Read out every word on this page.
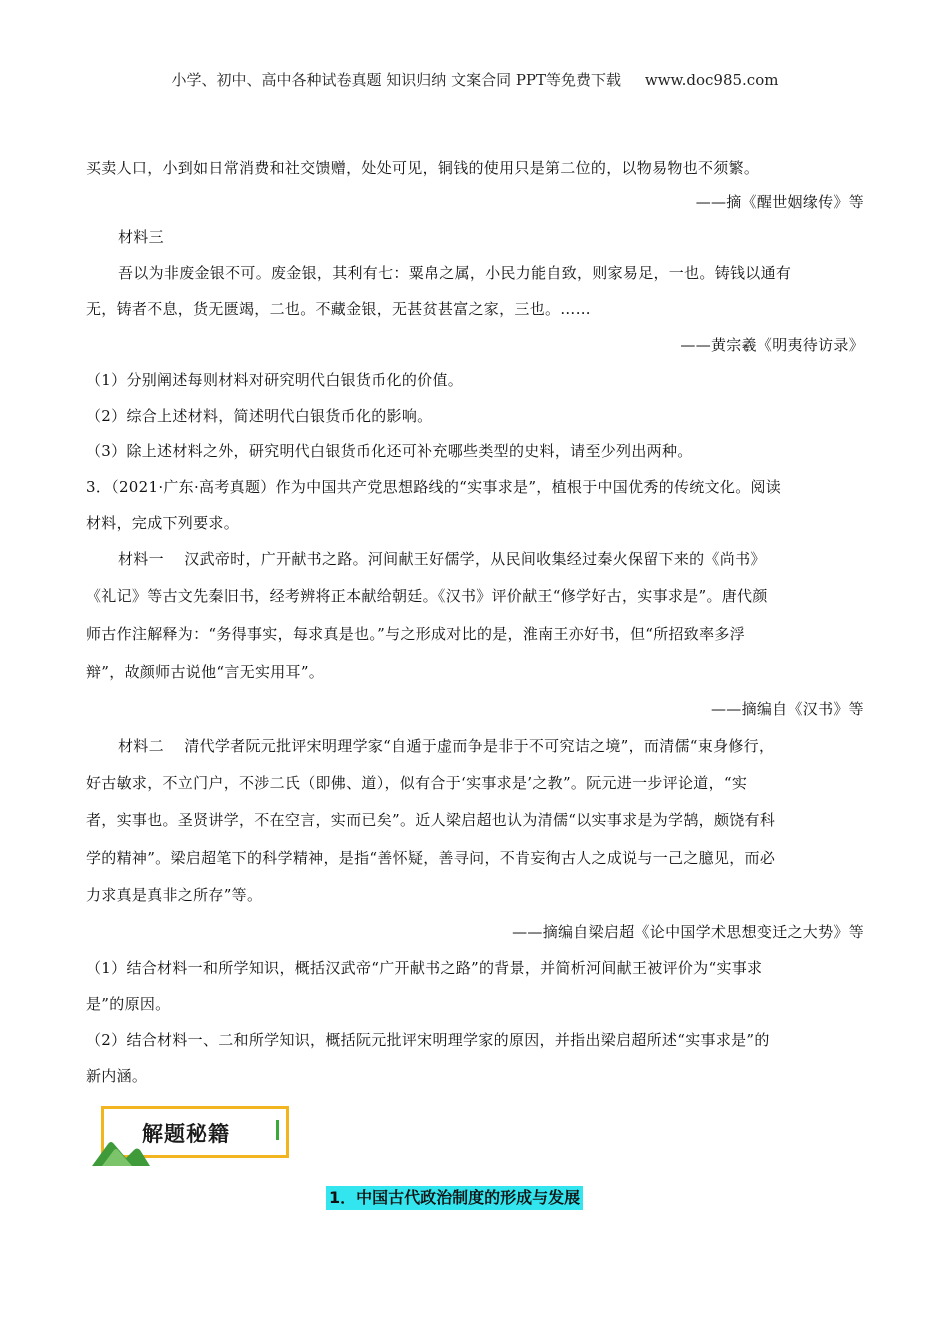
小学、初中、高中各种试卷真题 知识归纳 文案合同 PPT等免费下载     www.doc985.com
买卖人口，小到如日常消费和社交馈赠，处处可见，铜钱的使用只是第二位的，以物易物也不须繁。
——摘《醒世姻缘传》等
材料三
吾以为非废金银不可。废金银，其利有七：粟帛之属，小民力能自致，则家易足，一也。铸钱以通有
无，铸者不息，货无匮竭，二也。不藏金银，无甚贫甚富之家，三也。……
——黄宗羲《明夷待访录》
（1）分别阐述每则材料对研究明代白银货币化的价值。
（2）综合上述材料，简述明代白银货币化的影响。
（3）除上述材料之外，研究明代白银货币化还可补充哪些类型的史料，请至少列出两种。
3．（2021·广东·高考真题）作为中国共产党思想路线的“实事求是”，植根于中国优秀的传统文化。阅读
材料，完成下列要求。
材料一　 汉武帝时，广开献书之路。河间献王好儒学，从民间收集经过秦火保留下来的《尚书》
《礼记》等古文先秦旧书，经考辨将正本献给朝廷。《汉书》评价献王“修学好古，实事求是”。唐代颜
师古作注解释为：“务得事实，每求真是也。”与之形成对比的是，淮南王亦好书，但“所招致率多浮
辩”，故颜师古说他“言无实用耳”。
——摘编自《汉书》等
材料二　 清代学者阮元批评宋明理学家“自遁于虚而争是非于不可究诘之境”，而清儒“束身修行，
好古敏求，不立门户，不涉二氏（即佛、道），似有合于‘实事求是’之教”。阮元进一步评论道，“实
者，实事也。圣贤讲学，不在空言，实而已矣”。近人梁启超也认为清儒“以实事求是为学鹄，颇饶有科
学的精神”。梁启超笔下的科学精神，是指“善怀疑，善寻问，不肯妄徇古人之成说与一己之臆见，而必
力求真是真非之所存”等。
——摘编自梁启超《论中国学术思想变迁之大势》等
（1）结合材料一和所学知识，概括汉武帝“广开献书之路”的背景，并简析河间献王被评价为“实事求
是”的原因。
（2）结合材料一、二和所学知识，概括阮元批评宋明理学家的原因，并指出梁启超所述“实事求是”的
新内涵。
解题秘籍
1．中国古代政治制度的形成与发展
